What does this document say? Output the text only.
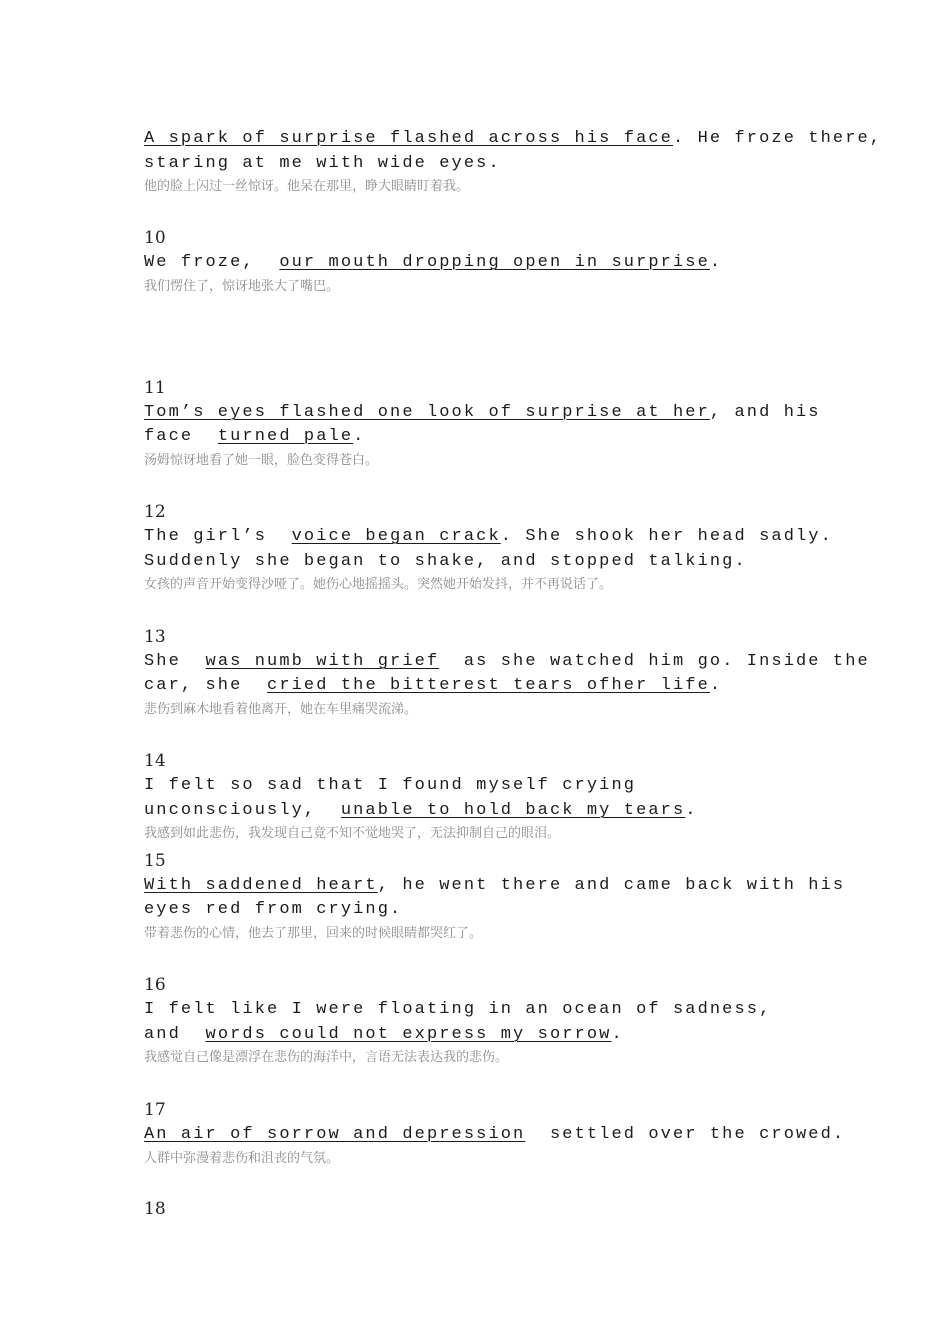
A spark of surprise flashed across his face. He froze there,
staring at me with wide eyes.
他的脸上闪过一丝惊讶。他呆在那里，睁大眼睛盯着我。
10
We froze,  our mouth dropping open in surprise.
我们愣住了，惊讶地张大了嘴巴。
11
Tom’s eyes flashed one look of surprise at her, and his
face  turned pale.
汤姆惊讶地看了她一眼，脸色变得苍白。
12
The girl’s  voice began crack. She shook her head sadly.
Suddenly she began to shake, and stopped talking.
女孩的声音开始变得沙哑了。她伤心地摇摇头。突然她开始发抖，并不再说话了。
13
She  was numb with grief  as she watched him go. Inside the
car, she  cried the bitterest tears ofher life.
悲伤到麻木地看着他离开，她在车里痛哭流涕。
14
I felt so sad that I found myself crying
unconsciously,  unable to hold back my tears.
我感到如此悲伤，我发现自己竟不知不觉地哭了，无法抑制自己的眼泪。
15
With saddened heart, he went there and came back with his
eyes red from crying.
带着悲伤的心情，他去了那里，回来的时候眼睛都哭红了。
16
I felt like I were floating in an ocean of sadness,
and  words could not express my sorrow.
我感觉自己像是漂浮在悲伤的海洋中，言语无法表达我的悲伤。
17
An air of sorrow and depression  settled over the crowed.
人群中弥漫着悲伤和沮丧的气氛。
18
